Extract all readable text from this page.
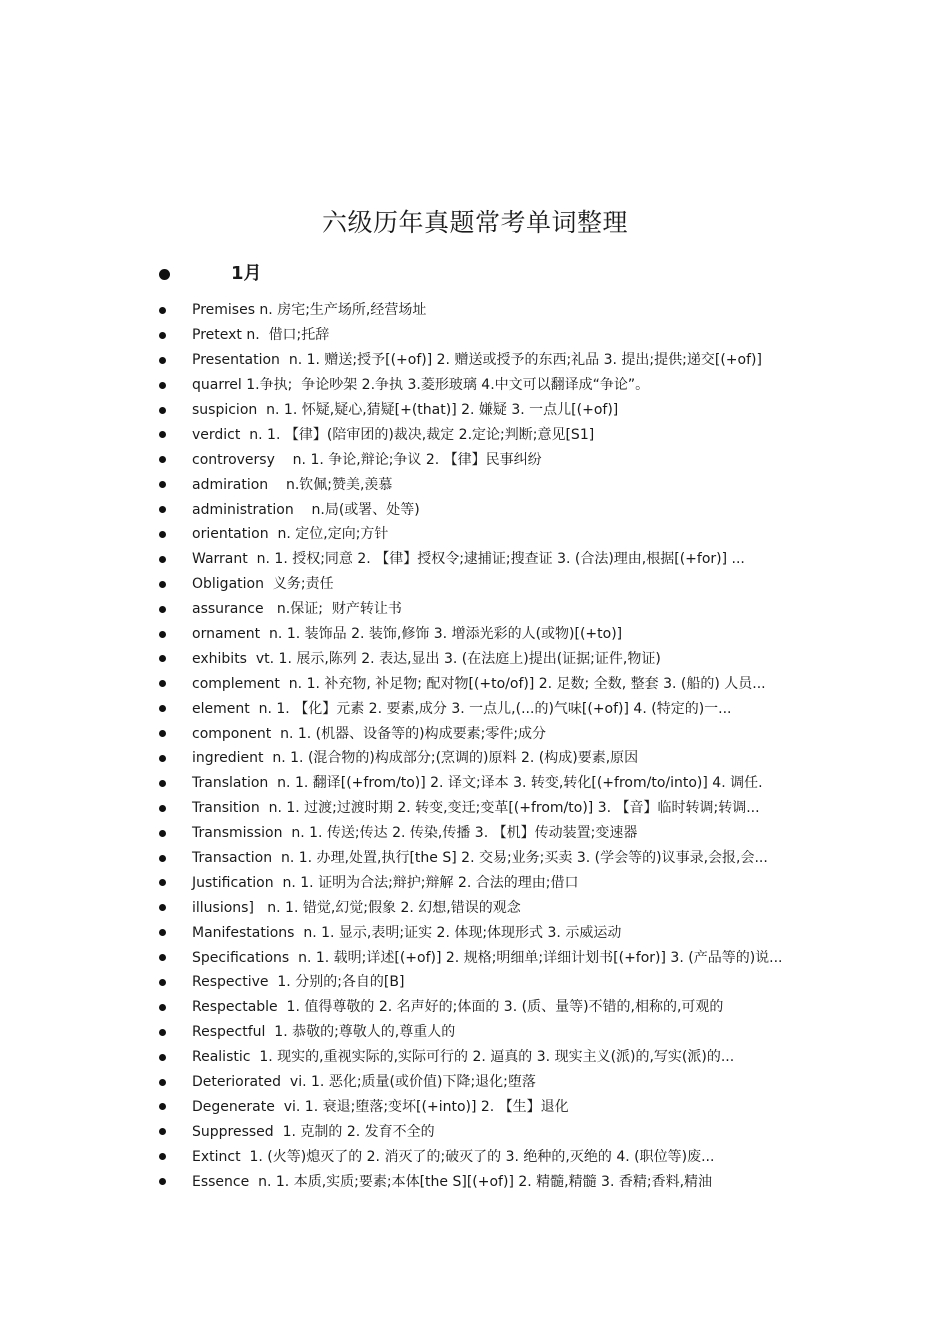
六级历年真题常考单词整理
1月
Premises n. 房宅;生产场所,经营场址
Pretext n.  借口;托辞
Presentation  n. 1. 赠送;授予[(+of)] 2. 赠送或授予的东西;礼品 3. 提出;提供;递交[(+of)]
quarrel 1.争执;  争论吵架 2.争执 3.菱形玻璃 4.中文可以翻译成“争论”。
suspicion  n. 1. 怀疑,疑心,猜疑[+(that)] 2. 嫌疑 3. 一点儿[(+of)]
verdict  n. 1. 【律】(陪审团的)裁决,裁定 2.定论;判断;意见[S1]
controversy    n. 1. 争论,辩论;争议 2. 【律】民事纠纷
admiration    n.钦佩;赞美,羡慕
administration    n.局(或署、处等)
orientation  n. 定位,定向;方针
Warrant  n. 1. 授权;同意 2. 【律】授权令;逮捕证;搜查证 3. (合法)理由,根据[(+for)] ...
Obligation  义务;责任
assurance   n.保证;  财产转让书
ornament  n. 1. 装饰品 2. 装饰,修饰 3. 增添光彩的人(或物)[(+to)]
exhibits  vt. 1. 展示,陈列 2. 表达,显出 3. (在法庭上)提出(证据;证件,物证)
complement  n. 1. 补充物, 补足物; 配对物[(+to/of)] 2. 足数; 全数, 整套 3. (船的) 人员...
element  n. 1. 【化】元素 2. 要素,成分 3. 一点儿,(...的)气味[(+of)] 4. (特定的)一...
component  n. 1. (机器、设备等的)构成要素;零件;成分
ingredient  n. 1. (混合物的)构成部分;(烹调的)原料 2. (构成)要素,原因
Translation  n. 1. 翻译[(+from/to)] 2. 译文;译本 3. 转变,转化[(+from/to/into)] 4. 调任.
Transition  n. 1. 过渡;过渡时期 2. 转变,变迁;变革[(+from/to)] 3. 【音】临时转调;转调...
Transmission  n. 1. 传送;传达 2. 传染,传播 3. 【机】传动装置;变速器
Transaction  n. 1. 办理,处置,执行[the S] 2. 交易;业务;买卖 3. (学会等的)议事录,会报,会...
Justification  n. 1. 证明为合法;辩护;辩解 2. 合法的理由;借口
illusions]   n. 1. 错觉,幻觉;假象 2. 幻想,错误的观念
Manifestations  n. 1. 显示,表明;证实 2. 体现;体现形式 3. 示威运动
Specifications  n. 1. 载明;详述[(+of)] 2. 规格;明细单;详细计划书[(+for)] 3. (产品等的)说...
Respective  1. 分别的;各自的[B]
Respectable  1. 值得尊敬的 2. 名声好的;体面的 3. (质、量等)不错的,相称的,可观的
Respectful  1. 恭敬的;尊敬人的,尊重人的
Realistic  1. 现实的,重视实际的,实际可行的 2. 逼真的 3. 现实主义(派)的,写实(派)的...
Deteriorated  vi. 1. 恶化;质量(或价值)下降;退化;堕落
Degenerate  vi. 1. 衰退;堕落;变坏[(+into)] 2. 【生】退化
Suppressed  1. 克制的 2. 发育不全的
Extinct  1. (火等)熄灭了的 2. 消灭了的;破灭了的 3. 绝种的,灭绝的 4. (职位等)废...
Essence  n. 1. 本质,实质;要素;本体[the S][(+of)] 2. 精髓,精髓 3. 香精;香料,精油
